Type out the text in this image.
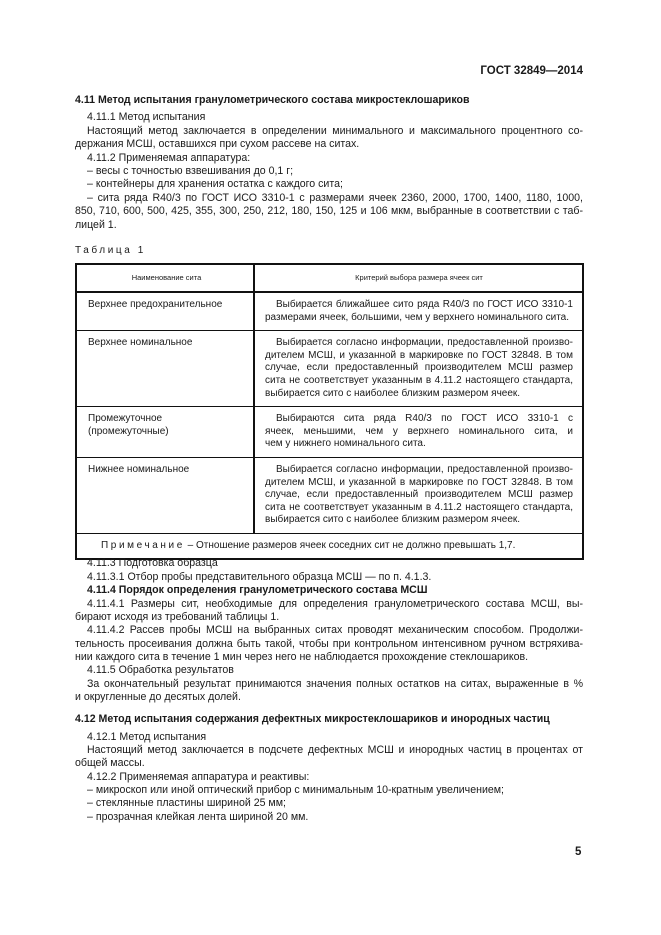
ГОСТ 32849—2014
4.11 Метод испытания гранулометрического состава микростеклошариков
4.11.1 Метод испытания
Настоящий метод заключается в определении минимального и максимального процентного со-
держания МСШ, оставшихся при сухом рассеве на ситах.
4.11.2 Применяемая аппаратура:
– весы с точностью взвешивания до 0,1 г;
– контейнеры для хранения остатка с каждого сита;
– сита ряда R40/3 по ГОСТ ИСО 3310-1 с размерами ячеек 2360, 2000, 1700, 1400, 1180, 1000,
850, 710, 600, 500, 425, 355, 300, 250, 212, 180, 150, 125 и 106 мкм, выбранные в соответствии с таб-
лицей 1.
Таблица 1
Наименование сита	Критерий выбора размера ячеек сит
Верхнее предохранительное	Выбирается ближайшее сито ряда R40/3 по ГОСТ ИСО 3310-1
размерами ячеек, большими, чем у верхнего номинального сита.

Верхнее номинальное	Выбирается согласно информации, предоставленной произво-
дителем МСШ, и указанной в маркировке по ГОСТ 32848. В том
случае, если предоставленный производителем МСШ размер
сита не соответствует указанным в 4.11.2 настоящего стандарта,
выбирается сито с наиболее близким размером ячеек.

Промежуточное (промежуточные)	Выбираются сита ряда R40/3 по ГОСТ ИСО 3310-1 с
ячеек, меньшими, чем у верхнего номинального сита, и
чем у нижнего номинального сита.

Нижнее номинальное	Выбирается согласно информации, предоставленной произво-
дителем МСШ, и указанной в маркировке по ГОСТ 32848. В том
случае, если предоставленный производителем МСШ размер
сита не соответствует указанным в 4.11.2 настоящего стандарта,
выбирается сито с наиболее близким размером ячеек.

Примечание – Отношение размеров ячеек соседних сит не должно превышать 1,7.	
4.11.3 Подготовка образца
4.11.3.1 Отбор пробы представительного образца МСШ — по п. 4.1.3.
4.11.4 Порядок определения гранулометрического состава МСШ
4.11.4.1 Размеры сит, необходимые для определения гранулометрического состава МСШ, вы-
бирают исходя из требований таблицы 1.
4.11.4.2 Рассев пробы МСШ на выбранных ситах проводят механическим способом. Продолжи-
тельность просеивания должна быть такой, чтобы при контрольном интенсивном ручном встряхива-
нии каждого сита в течение 1 мин через него не наблюдается прохождение стеклошариков.
4.11.5 Обработка результатов
За окончательный результат принимаются значения полных остатков на ситах, выраженные в %
и округленные до десятых долей.
4.12 Метод испытания содержания дефектных микростеклошариков и инородных частиц
4.12.1 Метод испытания
Настоящий метод заключается в подсчете дефектных МСШ и инородных частиц в процентах от
общей массы.
4.12.2 Применяемая аппаратура и реактивы:
– микроскоп или иной оптический прибор с минимальным 10-кратным увеличением;
– стеклянные пластины шириной 25 мм;
– прозрачная клейкая лента шириной 20 мм.
5
